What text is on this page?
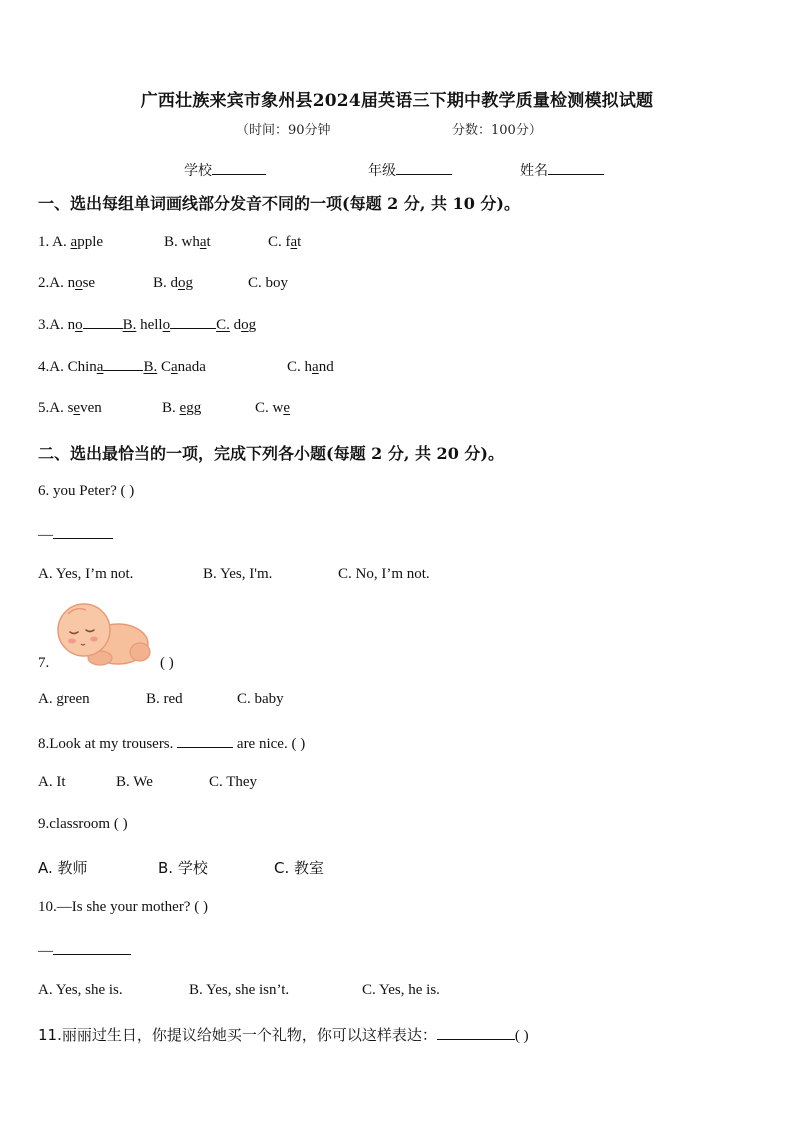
广西壮族来宾市象州县2024届英语三下期中教学质量检测模拟试题
（时间：90分钟	分数：100分）
学校	年级	姓名
一、选出每组单词画线部分发音不同的一项(每题 2 分, 共 10 分)。
1. A. apple	B. what	C. fat
2.A. nose	B. dog	C. boy
3.A. no	B. hello	C. dog
4.A. China	B. Canada	C. hand
5.A. seven	B. egg	C. we
二、选出最恰当的一项，完成下列各小题(每题 2 分, 共 20 分)。
6. you Peter? ( )
—
A. Yes, I’m not.	B. Yes, I'm.	C. No, I’m not.
7.	( )
A. green	B. red	C. baby
8.Look at my trousers.	are nice. ( )
A. It	B. We	C. They
9.classroom ( )
A. 教师	B. 学校	C. 教室
10.—Is she your mother? ( )
—
A. Yes, she is.	B. Yes, she isn’t.	C. Yes, he is.
11.丽丽过生日，你提议给她买一个礼物，你可以这样表达：	( )
